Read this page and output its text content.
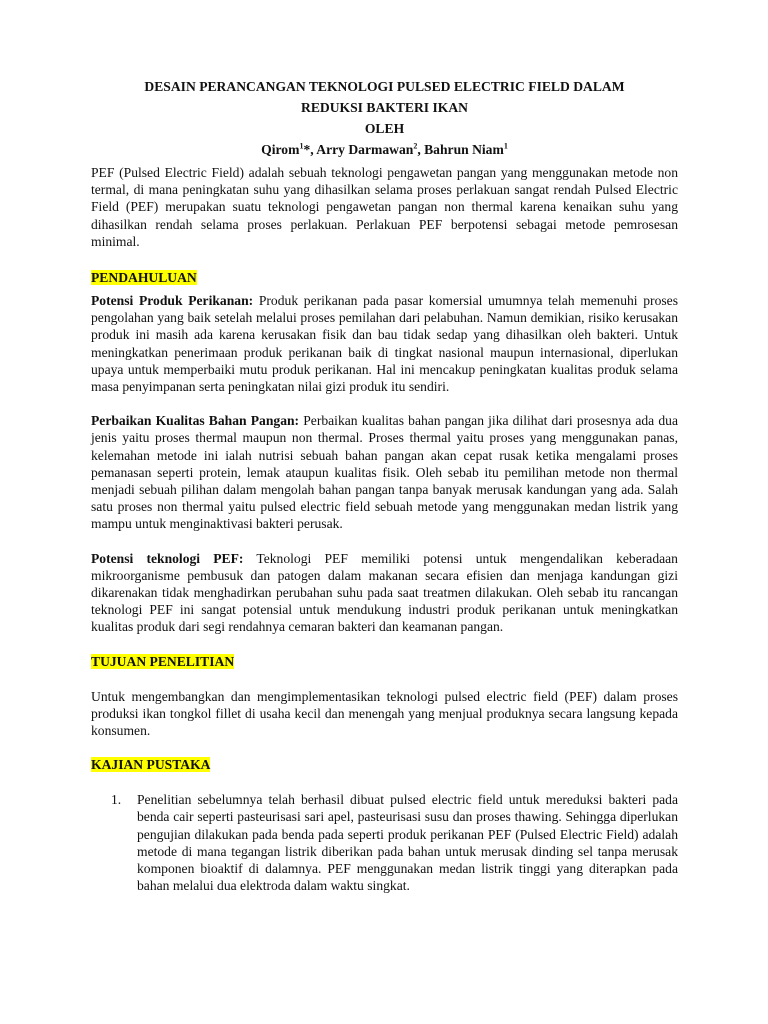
DESAIN PERANCANGAN TEKNOLOGI PULSED ELECTRIC FIELD DALAM
REDUKSI BAKTERI IKAN
OLEH
Qirom$^1$*, Arry Darmawan$^2$, Bahrun Niam$^1$

PEF (Pulsed Electric Field) adalah sebuah teknologi pengawetan pangan yang menggunakan metode non termal, di mana peningkatan suhu yang dihasilkan selama proses perlakuan sangat rendah Pulsed Electric Field (PEF) merupakan suatu teknologi pengawetan pangan non thermal karena kenaikan suhu yang dihasilkan rendah selama proses perlakuan. Perlakuan PEF berpotensi sebagai metode pemrosesan minimal.

PENDAHULUAN

Potensi Produk Perikanan: Produk perikanan pada pasar komersial umumnya telah memenuhi proses pengolahan yang baik setelah melalui proses pemilahan dari pelabuhan. Namun demikian, risiko kerusakan produk ini masih ada karena kerusakan fisik dan bau tidak sedap yang dihasilkan oleh bakteri. Untuk meningkatkan penerimaan produk perikanan baik di tingkat nasional maupun internasional, diperlukan upaya untuk memperbaiki mutu produk perikanan. Hal ini mencakup peningkatan kualitas produk selama masa penyimpanan serta peningkatan nilai gizi produk itu sendiri.

Perbaikan Kualitas Bahan Pangan: Perbaikan kualitas bahan pangan jika dilihat dari prosesnya ada dua jenis yaitu proses thermal maupun non thermal. Proses thermal yaitu proses yang menggunakan panas, kelemahan metode ini ialah nutrisi sebuah bahan pangan akan cepat rusak ketika mengalami proses pemanasan seperti protein, lemak ataupun kualitas fisik. Oleh sebab itu pemilihan metode non thermal menjadi sebuah pilihan dalam mengolah bahan pangan tanpa banyak merusak kandungan yang ada. Salah satu proses non thermal yaitu pulsed electric field sebuah metode yang menggunakan medan listrik yang mampu untuk menginaktivasi bakteri perusak.

Potensi teknologi PEF: Teknologi PEF memiliki potensi untuk mengendalikan keberadaan mikroorganisme pembusuk dan patogen dalam makanan secara efisien dan menjaga kandungan gizi dikarenakan tidak menghadirkan perubahan suhu pada saat treatmen dilakukan. Oleh sebab itu rancangan teknologi PEF ini sangat potensial untuk mendukung industri produk perikanan untuk meningkatkan kualitas produk dari segi rendahnya cemaran bakteri dan keamanan pangan.

TUJUAN PENELITIAN

Untuk mengembangkan dan mengimplementasikan teknologi pulsed electric field (PEF) dalam proses produksi ikan tongkol fillet di usaha kecil dan menengah yang menjual produknya secara langsung kepada konsumen.

KAJIAN PUSTAKA
1.	Penelitian sebelumnya telah berhasil dibuat pulsed electric field untuk mereduksi bakteri pada benda cair seperti pasteurisasi sari apel, pasteurisasi susu dan proses thawing. Sehingga diperlukan pengujian dilakukan pada benda pada seperti produk perikanan PEF (Pulsed Electric Field) adalah metode di mana tegangan listrik diberikan pada bahan untuk merusak dinding sel tanpa merusak komponen bioaktif di dalamnya. PEF menggunakan medan listrik tinggi yang diterapkan pada bahan melalui dua elektroda dalam waktu singkat.
